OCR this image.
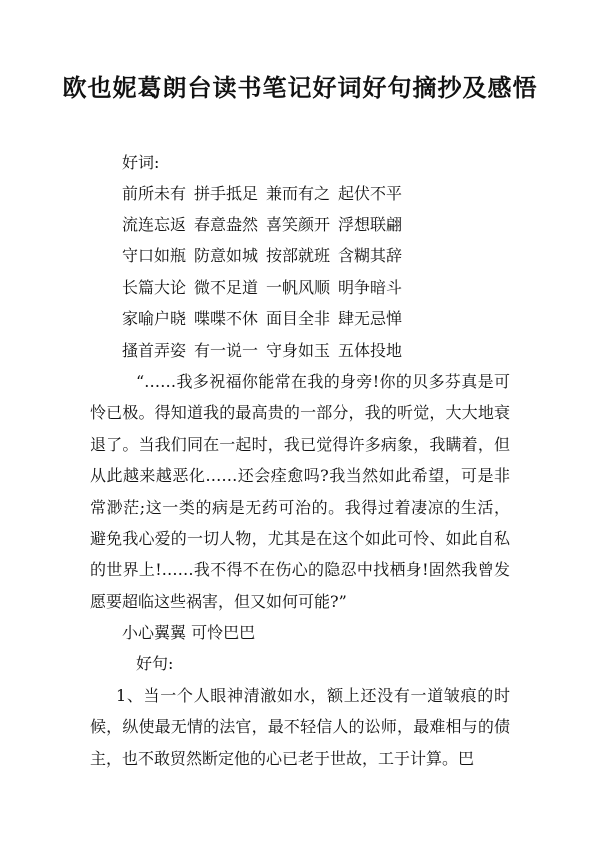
欧也妮葛朗台读书笔记好词好句摘抄及感悟
好词:
前所未有 拼手抵足 兼而有之 起伏不平
流连忘返 春意盎然 喜笑颜开 浮想联翩
守口如瓶 防意如城 按部就班 含糊其辞
长篇大论 微不足道 一帆风顺 明争暗斗
家喻户晓 喋喋不休 面目全非 肆无忌惮
搔首弄姿 有一说一 守身如玉 五体投地
“……我多祝福你能常在我的身旁!你的贝多芬真是可怜已极。得知道我的最高贵的一部分，我的听觉，大大地衰退了。当我们同在一起时，我已觉得许多病象，我瞒着，但从此越来越恶化……还会痊愈吗?我当然如此希望，可是非常渺茫;这一类的病是无药可治的。我得过着凄凉的生活，避免我心爱的一切人物，尤其是在这个如此可怜、如此自私的世界上!……我不得不在伤心的隐忍中找栖身!固然我曾发愿要超临这些祸害，但又如何可能?”
小心翼翼 可怜巴巴
好句:
1、当一个人眼神清澈如水，额上还没有一道皱痕的时候，纵使最无情的法官，最不轻信人的讼师，最难相与的债主，也不敢贸然断定他的心已老于世故，工于计算。巴
